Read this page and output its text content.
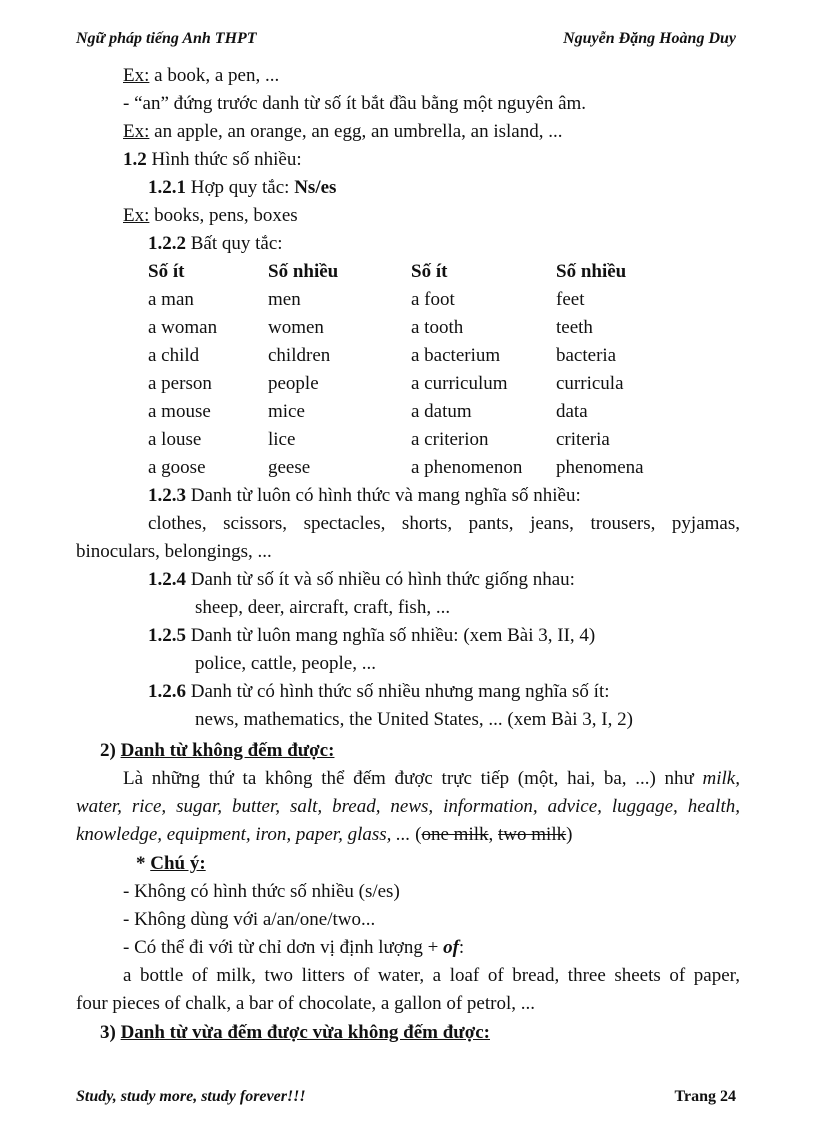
Ngữ pháp tiếng Anh THPT	Nguyễn Đặng Hoàng Duy
Ex: a book, a pen, ...
- “an” đứng trước danh từ số ít bắt đầu bằng một nguyên âm.
Ex: an apple, an orange, an egg, an umbrella, an island, ...
1.2 Hình thức số nhiều:
1.2.1 Hợp quy tắc: Ns/es
Ex: books, pens, boxes
1.2.2 Bất quy tắc:
Số ít	Số nhiều	Số ít	Số nhiều
a man	men	a foot	feet
a woman	women	a tooth	teeth
a child	children	a bacterium	bacteria
a person	people	a curriculum	curricula
a mouse	mice	a datum	data
a louse	lice	a criterion	criteria
a goose	geese	a phenomenon phenomena
1.2.3 Danh từ luôn có hình thức và mang nghĩa số nhiều:
clothes, scissors, spectacles, shorts, pants, jeans, trousers, pyjamas,
binoculars, belongings, ...
1.2.4 Danh từ số ít và số nhiều có hình thức giống nhau:
sheep, deer, aircraft, craft, fish, ...
1.2.5 Danh từ luôn mang nghĩa số nhiều: (xem Bài 3, II, 4)
police, cattle, people, ...
1.2.6 Danh từ có hình thức số nhiều nhưng mang nghĩa số ít:
news, mathematics, the United States, ... (xem Bài 3, I, 2)
2) Danh từ không đếm được:
Là những thứ ta không thể đếm được trực tiếp (một, hai, ba, ...) như milk,
water, rice, sugar, butter, salt, bread, news, information, advice, luggage, health,
knowledge, equipment, iron, paper, glass, ... (one milk, two milk)
* Chú ý:
- Không có hình thức số nhiều (s/es)
- Không dùng với a/an/one/two...
- Có thể đi với từ chỉ dơn vị định lượng + of:
a bottle of milk, two litters of water, a loaf of bread, three sheets of paper,
four pieces of chalk, a bar of chocolate, a gallon of petrol, ...
3) Danh từ vừa đếm được vừa không đếm được:
Study, study more, study forever!!!	Trang 24
